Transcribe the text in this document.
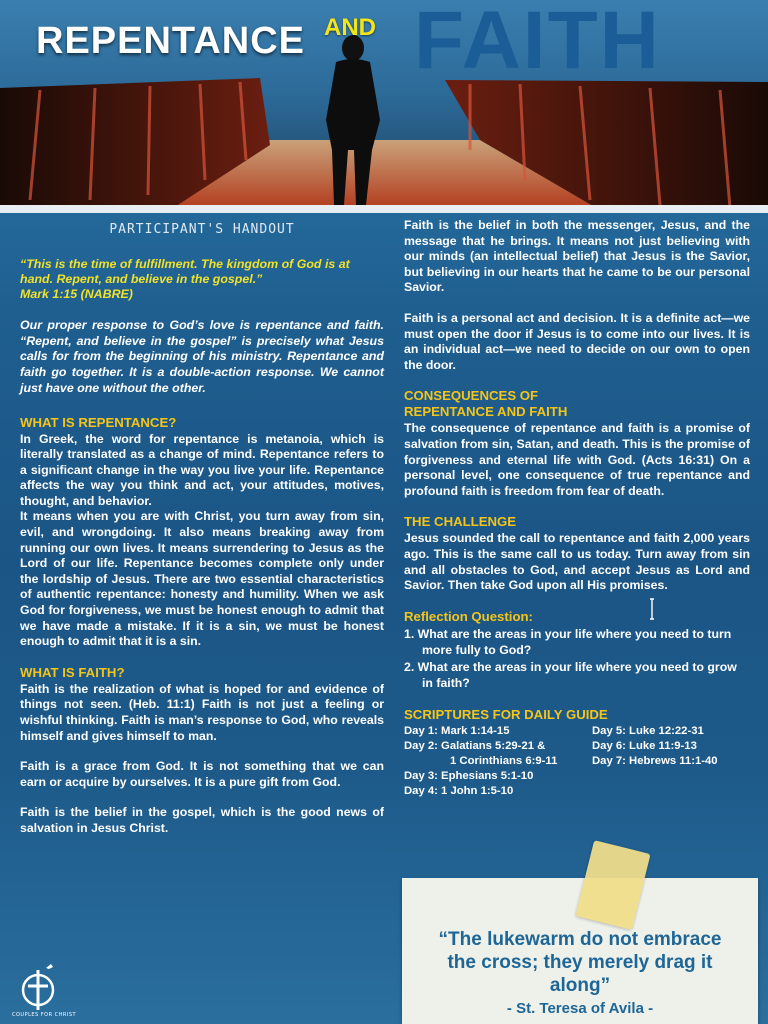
REPENTANCE AND FAITH
PARTICIPANT'S HANDOUT

“This is the time of fulfillment. The kingdom of God is at hand. Repent, and believe in the gospel.”
Mark 1:15 (NABRE)

Our proper response to God’s love is repentance and faith. “Repent, and believe in the gospel” is precisely what Jesus calls for from the beginning of his ministry. Repentance and faith go together. It is a double-action response. We cannot just have one without the other.

WHAT IS REPENTANCE?

In Greek, the word for repentance is metanoia, which is literally translated as a change of mind. Repentance refers to a significant change in the way you live your life. Repentance affects the way you think and act, your attitudes, motives, thought, and behavior.

It means when you are with Christ, you turn away from sin, evil, and wrongdoing. It also means breaking away from running our own lives. It means surrendering to Jesus as the Lord of our life. Repentance becomes complete only under the lordship of Jesus. There are two essential characteristics of authentic repentance: honesty and humility. When we ask God for forgiveness, we must be honest enough to admit that we have made a mistake. If it is a sin, we must be honest enough to admit that it is a sin.

WHAT IS FAITH?

Faith is the realization of what is hoped for and evidence of things not seen. (Heb. 11:1) Faith is not just a feeling or wishful thinking. Faith is man’s response to God, who reveals himself and gives himself to man.

Faith is a grace from God. It is not something that we can earn or acquire by ourselves. It is a pure gift from God.

Faith is the belief in the gospel, which is the good news of salvation in Jesus Christ.

Faith is the belief in both the messenger, Jesus, and the message that he brings. It means not just believing with our minds (an intellectual belief) that Jesus is the Savior, but believing in our hearts that he came to be our personal Savior.

Faith is a personal act and decision. It is a definite act—we must open the door if Jesus is to come into our lives. It is an individual act—we need to decide on our own to open the door.

CONSEQUENCES OF
REPENTANCE AND FAITH

The consequence of repentance and faith is a promise of salvation from sin, Satan, and death. This is the promise of forgiveness and eternal life with God. (Acts 16:31) On a personal level, one consequence of true repentance and profound faith is freedom from fear of death.

THE CHALLENGE

Jesus sounded the call to repentance and faith 2,000 years ago. This is the same call to us today. Turn away from sin and all obstacles to God, and accept Jesus as Lord and Savior. Then take God upon all His promises.

Reflection Question:
1. What are the areas in your life where you need to turn more fully to God?
2. What are the areas in your life where you need to grow in faith?
SCRIPTURES FOR DAILY GUIDE
Day 1: Mark 1:14-15
Day 2: Galatians 5:29-21 &
1 Corinthians 6:9-11
Day 3: Ephesians 5:1-10
Day 4: 1 John 1:5-10
Day 5: Luke 12:22-31
Day 6: Luke 11:9-13
Day 7: Hebrews 11:1-40
“The lukewarm do not embrace the cross; they merely drag it along”
- St. Teresa of Avila -
COUPLES FOR CHRIST
